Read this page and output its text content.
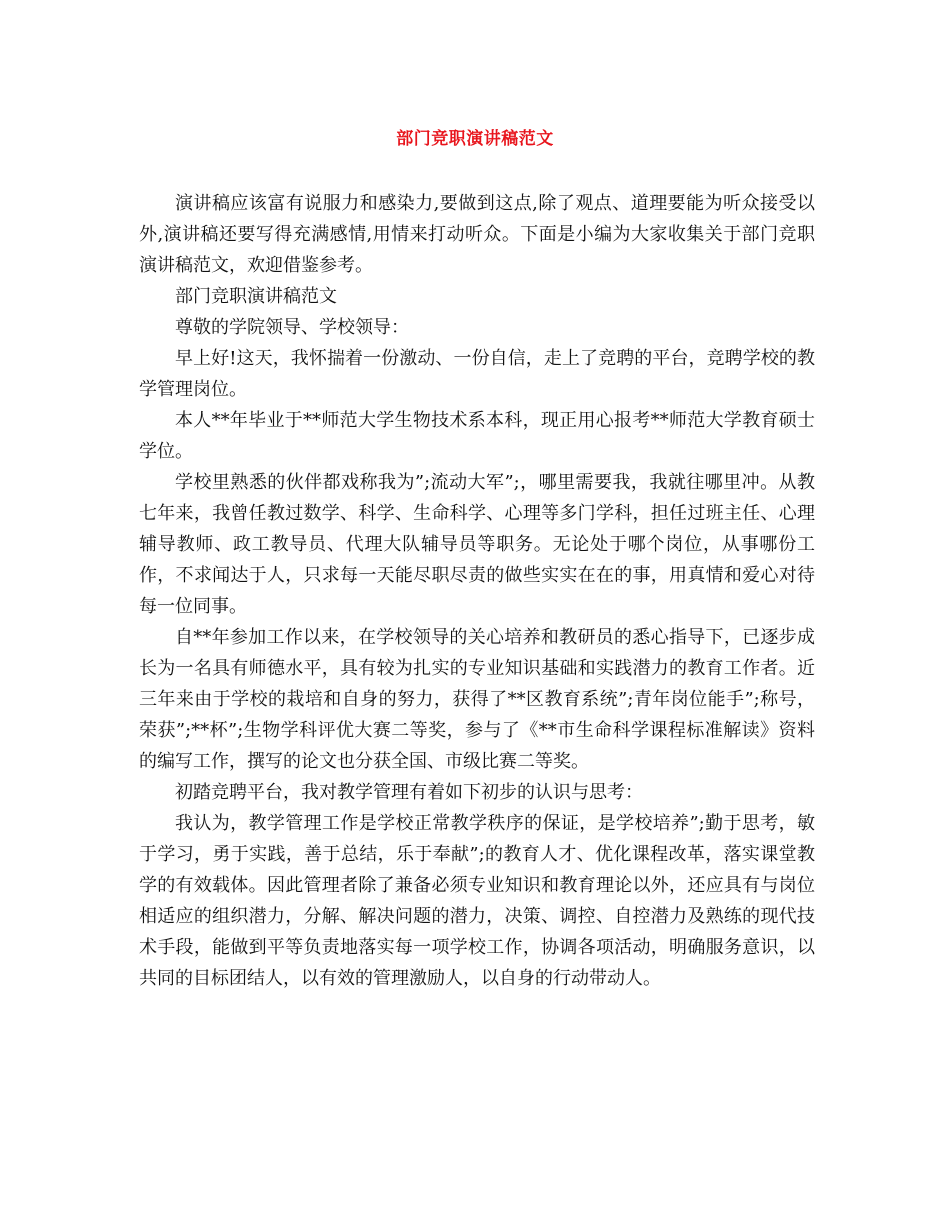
部门竞职演讲稿范文

演讲稿应该富有说服力和感染力,要做到这点,除了观点、道理要能为听众接受以外,演讲稿还要写得充满感情,用情来打动听众。下面是小编为大家收集关于部门竞职演讲稿范文，欢迎借鉴参考。

部门竞职演讲稿范文

尊敬的学院领导、学校领导：

早上好!这天，我怀揣着一份激动、一份自信，走上了竞聘的平台，竞聘学校的教学管理岗位。

本人**年毕业于**师范大学生物技术系本科，现正用心报考**师范大学教育硕士学位。

学校里熟悉的伙伴都戏称我为”;流动大军”;，哪里需要我，我就往哪里冲。从教七年来，我曾任教过数学、科学、生命科学、心理等多门学科，担任过班主任、心理辅导教师、政工教导员、代理大队辅导员等职务。无论处于哪个岗位，从事哪份工作，不求闻达于人，只求每一天能尽职尽责的做些实实在在的事，用真情和爱心对待每一位同事。

自**年参加工作以来，在学校领导的关心培养和教研员的悉心指导下，已逐步成长为一名具有师德水平，具有较为扎实的专业知识基础和实践潜力的教育工作者。近三年来由于学校的栽培和自身的努力，获得了**区教育系统”;青年岗位能手”;称号，荣获”;**杯”;生物学科评优大赛二等奖，参与了《**市生命科学课程标准解读》资料的编写工作，撰写的论文也分获全国、市级比赛二等奖。

初踏竞聘平台，我对教学管理有着如下初步的认识与思考：

我认为，教学管理工作是学校正常教学秩序的保证，是学校培养”;勤于思考，敏于学习，勇于实践，善于总结，乐于奉献”;的教育人才、优化课程改革，落实课堂教学的有效载体。因此管理者除了兼备必须专业知识和教育理论以外，还应具有与岗位相适应的组织潜力，分解、解决问题的潜力，决策、调控、自控潜力及熟练的现代技术手段，能做到平等负责地落实每一项学校工作，协调各项活动，明确服务意识，以共同的目标团结人，以有效的管理激励人，以自身的行动带动人。
